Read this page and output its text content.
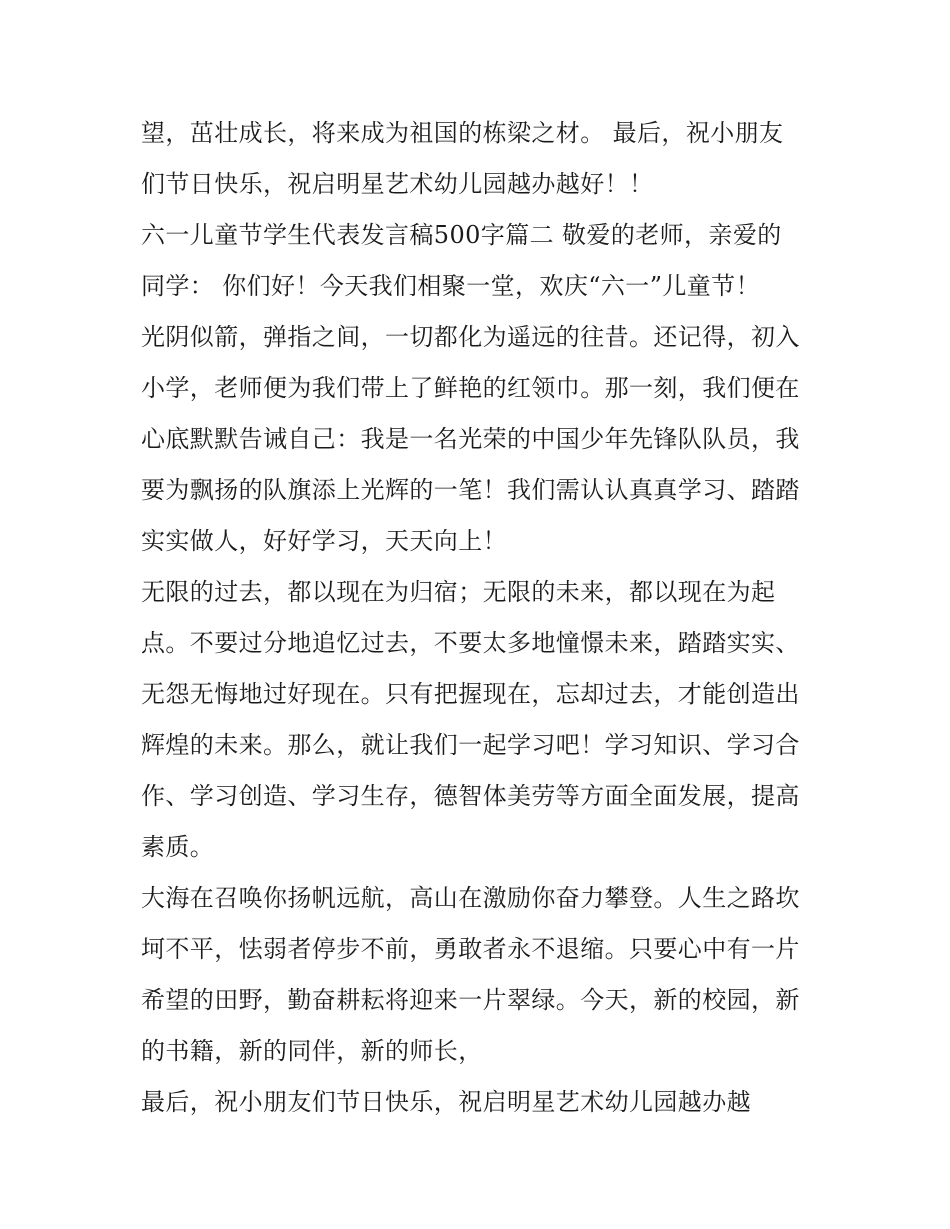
望，茁壮成长，将来成为祖国的栋梁之材。 最后，祝小朋友
们节日快乐，祝启明星艺术幼儿园越办越好！！
六一儿童节学生代表发言稿500字篇二 敬爱的老师，亲爱的
同学： 你们好！今天我们相聚一堂，欢庆“六一”儿童节！
光阴似箭，弹指之间，一切都化为遥远的往昔。还记得，初入
小学，老师便为我们带上了鲜艳的红领巾。那一刻，我们便在
心底默默告诫自己：我是一名光荣的中国少年先锋队队员，我
要为飘扬的队旗添上光辉的一笔！我们需认认真真学习、踏踏
实实做人，好好学习，天天向上！
无限的过去，都以现在为归宿；无限的未来，都以现在为起
点。不要过分地追忆过去，不要太多地憧憬未来，踏踏实实、
无怨无悔地过好现在。只有把握现在，忘却过去，才能创造出
辉煌的未来。那么，就让我们一起学习吧！学习知识、学习合
作、学习创造、学习生存，德智体美劳等方面全面发展，提高
素质。
大海在召唤你扬帆远航，高山在激励你奋力攀登。人生之路坎
坷不平，怯弱者停步不前，勇敢者永不退缩。只要心中有一片
希望的田野，勤奋耕耘将迎来一片翠绿。今天，新的校园，新
的书籍，新的同伴，新的师长，
最后，祝小朋友们节日快乐，祝启明星艺术幼儿园越办越
